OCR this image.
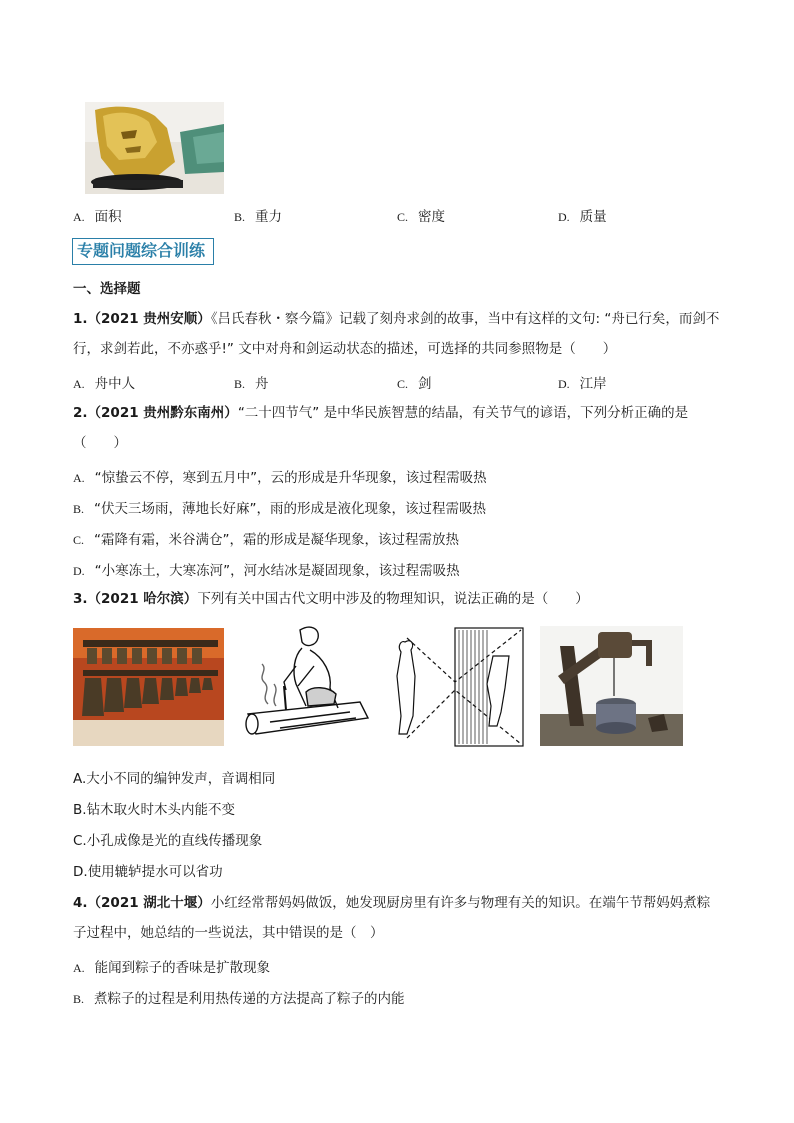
A. 面积	B. 重力	C. 密度	D. 质量
专题问题综合训练
一、选择题
1.（2021 贵州安顺）《吕氏春秋・察今篇》记载了刻舟求剑的故事，当中有这样的文句: “舟已行矣，而剑不
行，求剑若此，不亦惑乎!” 文中对舟和剑运动状态的描述，可选择的共同参照物是（　　）
A. 舟中人	B. 舟	C. 剑	D. 江岸
2.（2021 贵州黔东南州）“二十四节气” 是中华民族智慧的结晶，有关节气的谚语，下列分析正确的是
（　　）
A. “惊蛰云不停，寒到五月中”，云的形成是升华现象，该过程需吸热
B. “伏天三场雨，薄地长好麻”，雨的形成是液化现象，该过程需吸热
C. “霜降有霜，米谷满仓”，霜的形成是凝华现象，该过程需放热
D. “小寒冻土，大寒冻河”，河水结冰是凝固现象，该过程需吸热
3.（2021 哈尔滨）下列有关中国古代文明中涉及的物理知识，说法正确的是（　　）
A.大小不同的编钟发声，音调相同
B.钻木取火时木头内能不变
C.小孔成像是光的直线传播现象
D.使用辘轳提水可以省功
4.（2021 湖北十堰）小红经常帮妈妈做饭，她发现厨房里有许多与物理有关的知识。在端午节帮妈妈煮粽
子过程中，她总结的一些说法，其中错误的是（　）
A. 能闻到粽子的香味是扩散现象
B. 煮粽子的过程是利用热传递的方法提高了粽子的内能
